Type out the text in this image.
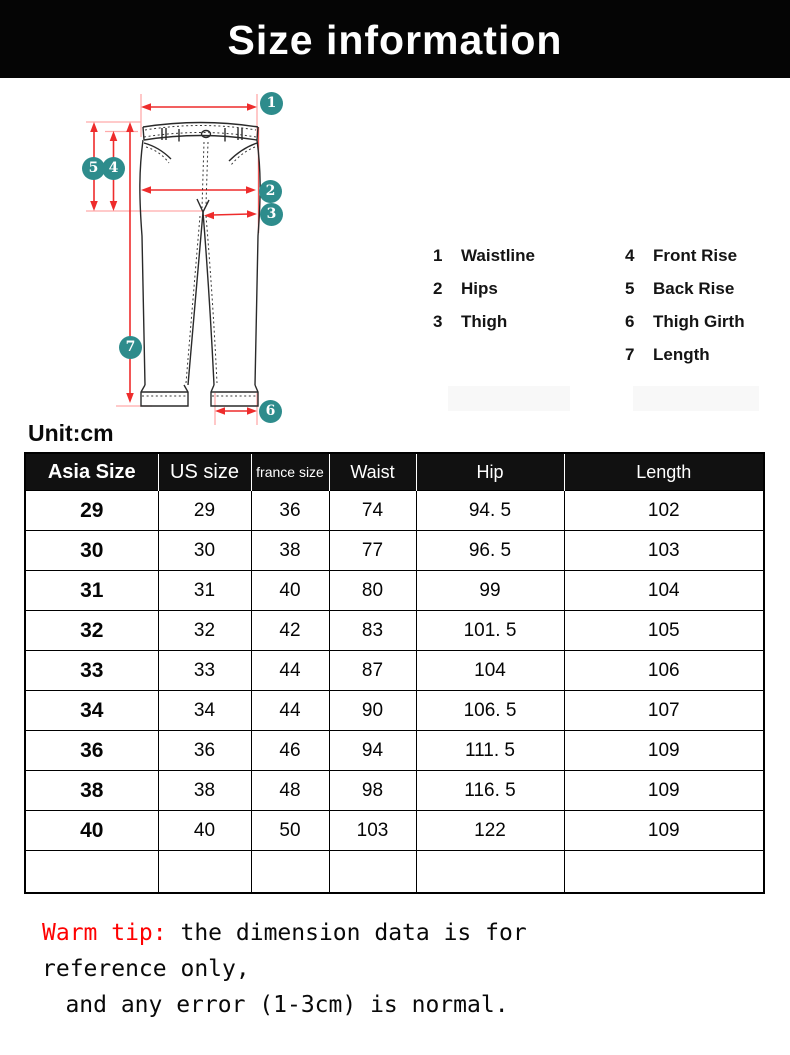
Size information
1
2
3
4
5
6
7
1	Waistline
2	Hips
3	Thigh
4	Front Rise
5	Back Rise
6	Thigh Girth
7	Length
Unit:cm
Asia Size	US size	france size	Waist	Hip	Length
29	29	36	74	94. 5	102
30	30	38	77	96. 5	103
31	31	40	80	99	104
32	32	42	83	101. 5	105
33	33	44	87	104	106
34	34	44	90	106. 5	107
36	36	46	94	111. 5	109
38	38	48	98	116. 5	109
40	40	50	103	122	109

Warm tip: the dimension data is for reference only,
and any error (1-3cm) is normal.
